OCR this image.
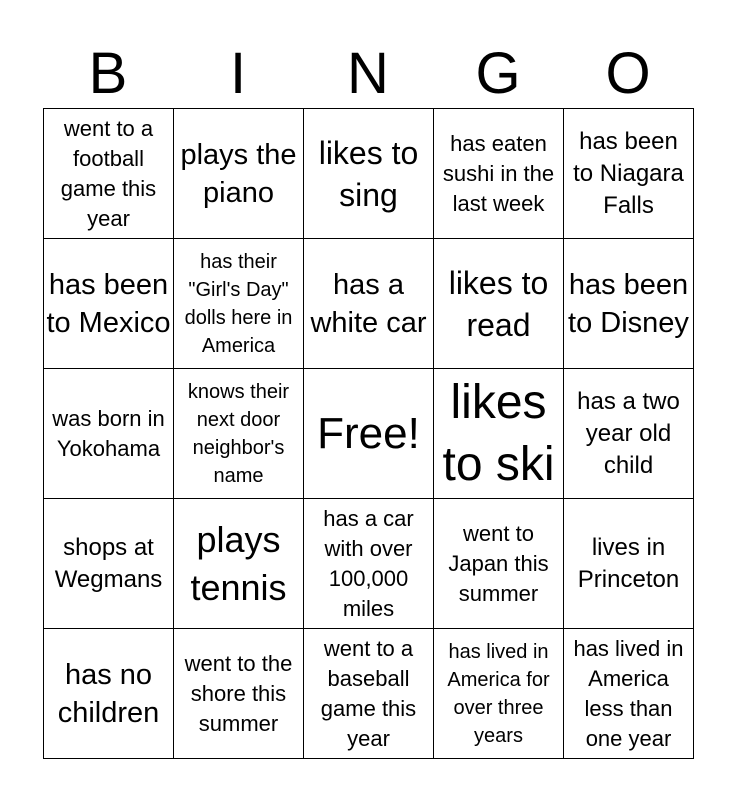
B	I	N	G	O
went to a football game this year	plays the piano	likes to sing	has eaten sushi in the last week	has been to Niagara Falls
has been to Mexico	has their "Girl's Day" dolls here in America	has a white car	likes to read	has been to Disney
was born in Yokohama	knows their next door neighbor's name	Free!	likes to ski	has a two year old child
shops at Wegmans	plays tennis	has a car with over 100,000 miles	went to Japan this summer	lives in Princeton
has no children	went to the shore this summer	went to a baseball game this year	has lived in America for over three years	has lived in America less than one year
